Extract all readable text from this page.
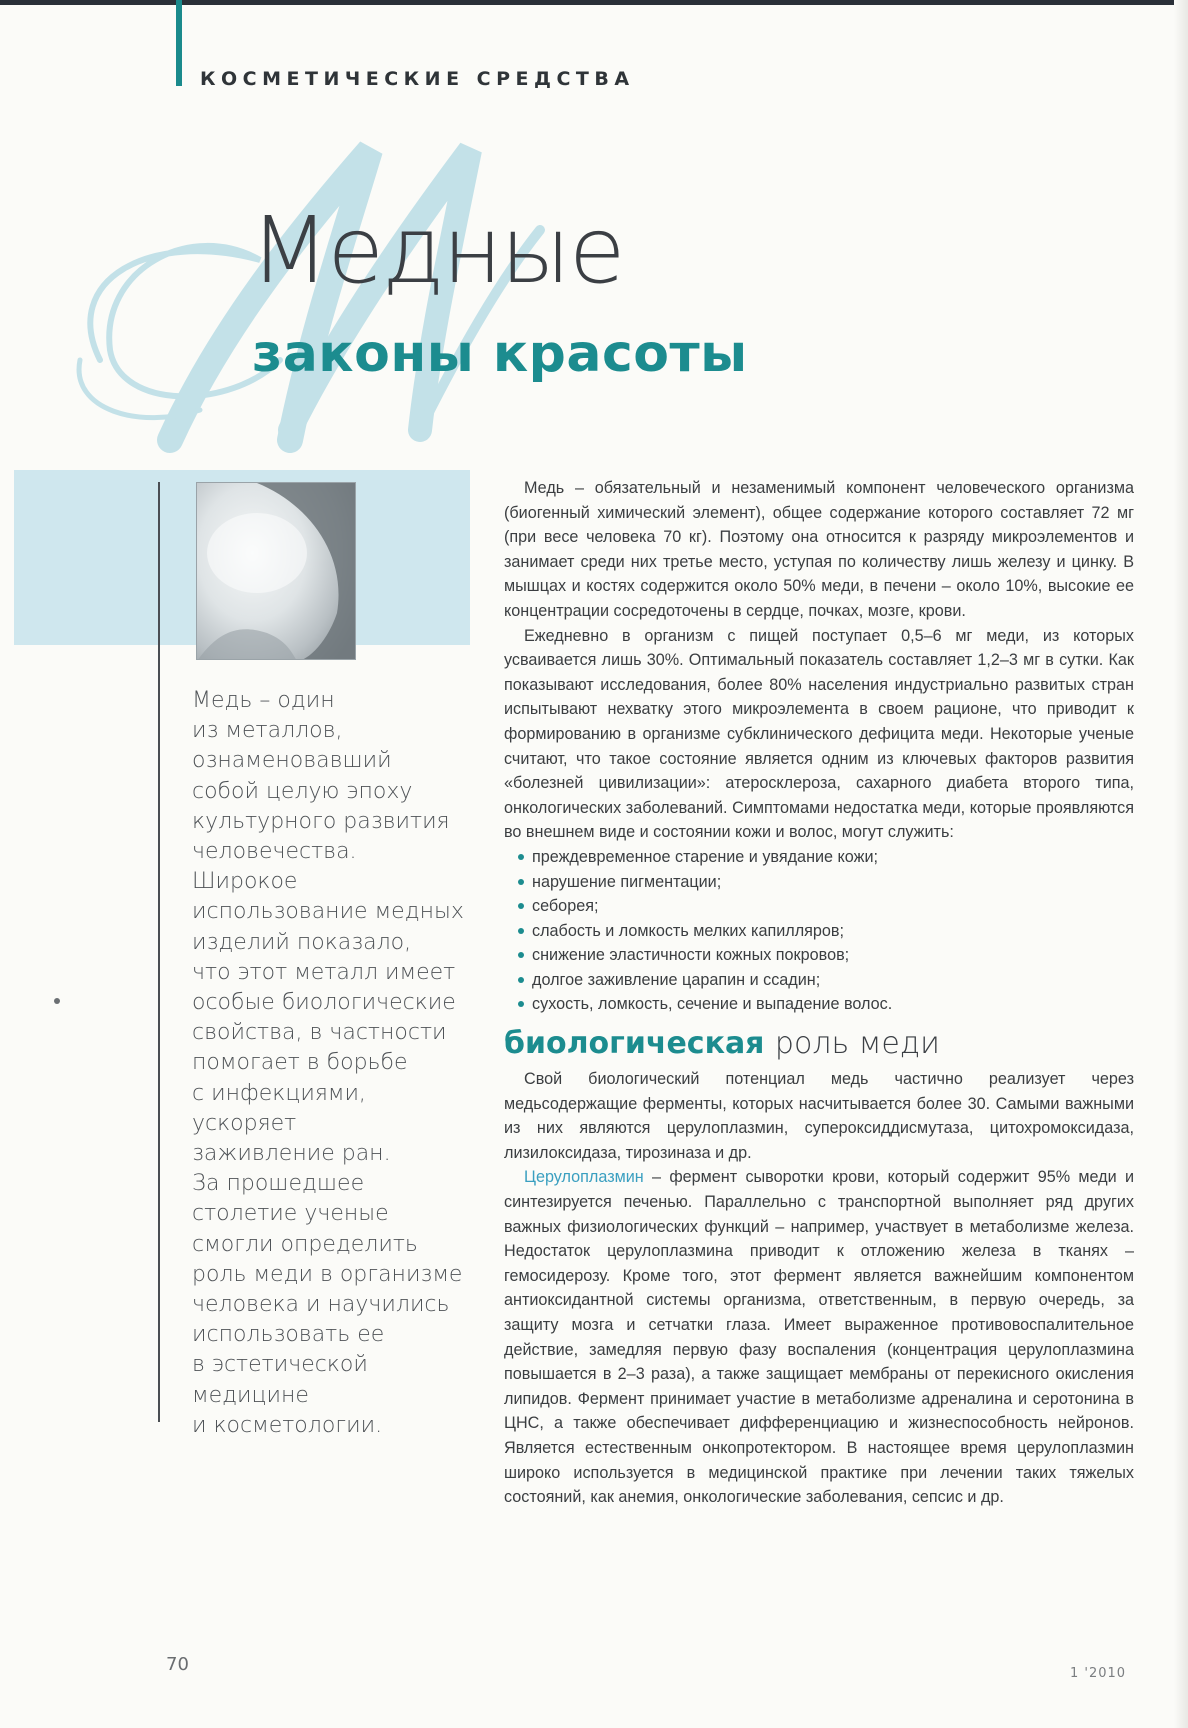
КОСМЕТИЧЕСКИЕ СРЕДСТВА
Медные
законы красоты

Медь – один

из металлов,

ознаменовавший

собой целую эпоху

культурного развития

человечества.

Широкое

использование медных

изделий показало,

что этот металл имеет

особые биологические

свойства, в частности

помогает в борьбе

с инфекциями,

ускоряет

заживление ран.

За прошедшее

столетие ученые

смогли определить

роль меди в организме

человека и научились

использовать ее

в эстетической

медицине

и косметологии.

Медь – обязательный и незаменимый компонент человеческого организма (биогенный химический элемент), общее содержание которого составляет 72 мг (при весе человека 70 кг). Поэтому она относится к разряду микроэлементов и занимает среди них третье место, уступая по количеству лишь железу и цинку. В мышцах и костях содержится около 50% меди, в печени – около 10%, высокие ее концентрации сосредоточены в сердце, почках, мозге, крови.

Ежедневно в организм с пищей поступает 0,5–6 мг меди, из которых усваивается лишь 30%. Оптимальный показатель составляет 1,2–3 мг в сутки. Как показывают исследования, более 80% населения индустриально развитых стран испытывают нехватку этого микроэлемента в своем рационе, что приводит к формированию в организме субклинического дефицита меди. Некоторые ученые считают, что такое состояние является одним из ключевых факторов развития «болезней цивилизации»: атеросклероза, сахарного диабета второго типа, онкологических заболеваний. Симптомами недостатка меди, которые проявляются во внешнем виде и состоянии кожи и волос, могут служить:

преждевременное старение и увядание кожи;
нарушение пигментации;
себорея;
слабость и ломкость мелких капилляров;
снижение эластичности кожных покровов;
долгое заживление царапин и ссадин;
сухость, ломкость, сечение и выпадение волос.
биологическая роль меди

Свой биологический потенциал медь частично реализует через медьсодержащие ферменты, которых насчитывается более 30. Самыми важными из них являются церулоплазмин, супероксиддисмутаза, цитохромоксидаза, лизилоксидаза, тирозиназа и др.

Церулоплазмин – фермент сыворотки крови, который содержит 95% меди и синтезируется печенью. Параллельно с транспортной выполняет ряд других важных физиологических функций – например, участвует в метаболизме железа. Недостаток церулоплазмина приводит к отложению железа в тканях – гемосидерозу. Кроме того, этот фермент является важнейшим компонентом антиоксидантной системы организма, ответственным, в первую очередь, за защиту мозга и сетчатки глаза. Имеет выраженное противовоспалительное действие, замедляя первую фазу воспаления (концентрация церулоплазмина повышается в 2–3 раза), а также защищает мембраны от перекисного окисления липидов. Фермент принимает участие в метаболизме адреналина и серотонина в ЦНС, а также обеспечивает дифференциацию и жизнеспособность нейронов. Является естественным онкопротектором. В настоящее время церулоплазмин широко используется в медицинской практике при лечении таких тяжелых состояний, как анемия, онкологические заболевания, сепсис и др.

70	1 '2010
